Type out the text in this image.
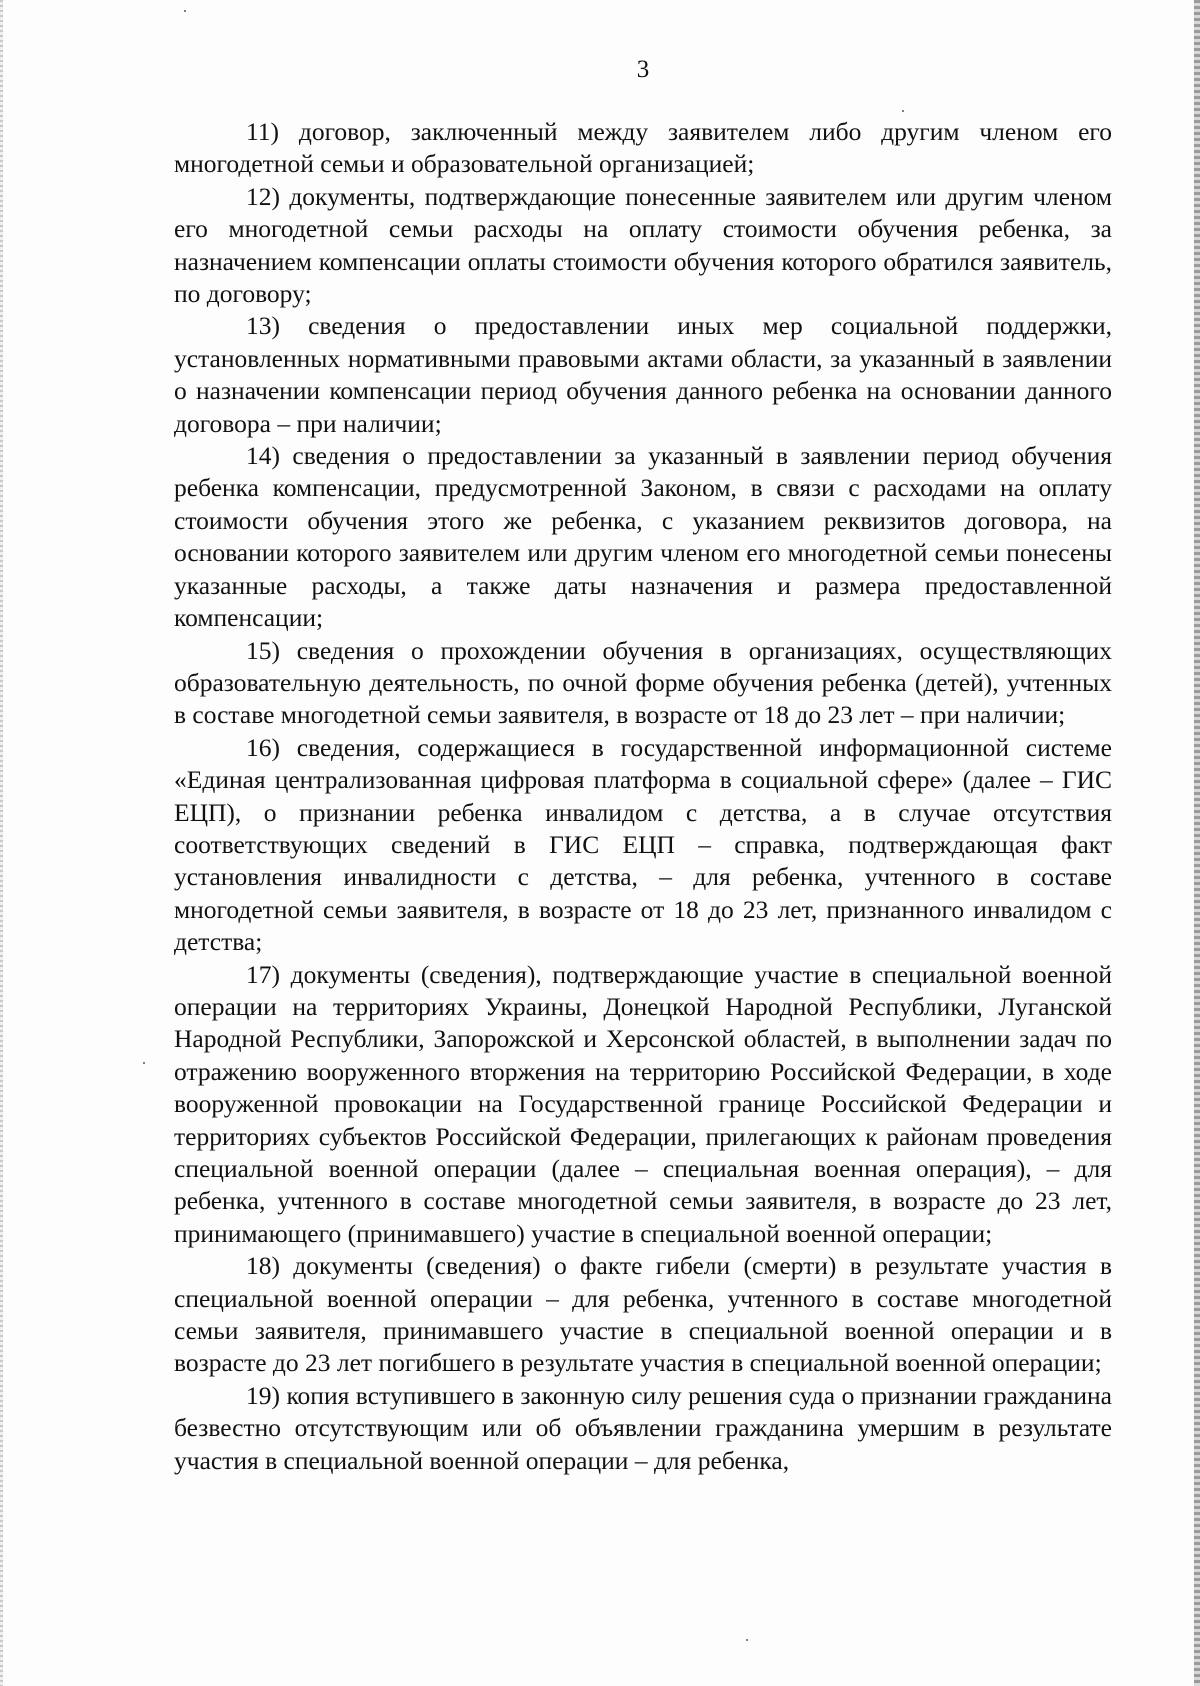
3

11) договор, заключенный между заявителем либо другим членом его многодетной семьи и образовательной организацией;

12) документы, подтверждающие понесенные заявителем или другим членом его многодетной семьи расходы на оплату стоимости обучения ребенка, за назначением компенсации оплаты стоимости обучения которого обратился заявитель, по договору;

13) сведения о предоставлении иных мер социальной поддержки, установленных нормативными правовыми актами области, за указанный в заявлении о назначении компенсации период обучения данного ребенка на основании данного договора – при наличии;

14) сведения о предоставлении за указанный в заявлении период обучения ребенка компенсации, предусмотренной Законом, в связи с расходами на оплату стоимости обучения этого же ребенка, с указанием реквизитов договора, на основании которого заявителем или другим членом его многодетной семьи понесены указанные расходы, а также даты назначения и размера предоставленной компенсации;

15) сведения о прохождении обучения в организациях, осуществляющих образовательную деятельность, по очной форме обучения ребенка (детей), учтенных в составе многодетной семьи заявителя, в возрасте от 18 до 23 лет – при наличии;

16) сведения, содержащиеся в государственной информационной системе «Единая централизованная цифровая платформа в социальной сфере» (далее – ГИС ЕЦП), о признании ребенка инвалидом с детства, а в случае отсутствия соответствующих сведений в ГИС ЕЦП – справка, подтверждающая факт установления инвалидности с детства, – для ребенка, учтенного в составе многодетной семьи заявителя, в возрасте от 18 до 23 лет, признанного инвалидом с детства;

17) документы (сведения), подтверждающие участие в специальной военной операции на территориях Украины, Донецкой Народной Республики, Луганской Народной Республики, Запорожской и Херсонской областей, в выполнении задач по отражению вооруженного вторжения на территорию Российской Федерации, в ходе вооруженной провокации на Государственной границе Российской Федерации и территориях субъектов Российской Федерации, прилегающих к районам проведения специальной военной операции (далее – специальная военная операция), – для ребенка, учтенного в составе многодетной семьи заявителя, в возрасте до 23 лет, принимающего (принимавшего) участие в специальной военной операции;

18) документы (сведения) о факте гибели (смерти) в результате участия в специальной военной операции – для ребенка, учтенного в составе многодетной семьи заявителя, принимавшего участие в специальной военной операции и в возрасте до 23 лет погибшего в результате участия в специальной военной операции;

19) копия вступившего в законную силу решения суда о признании гражданина безвестно отсутствующим или об объявлении гражданина умершим в результате участия в специальной военной операции – для ребенка,
